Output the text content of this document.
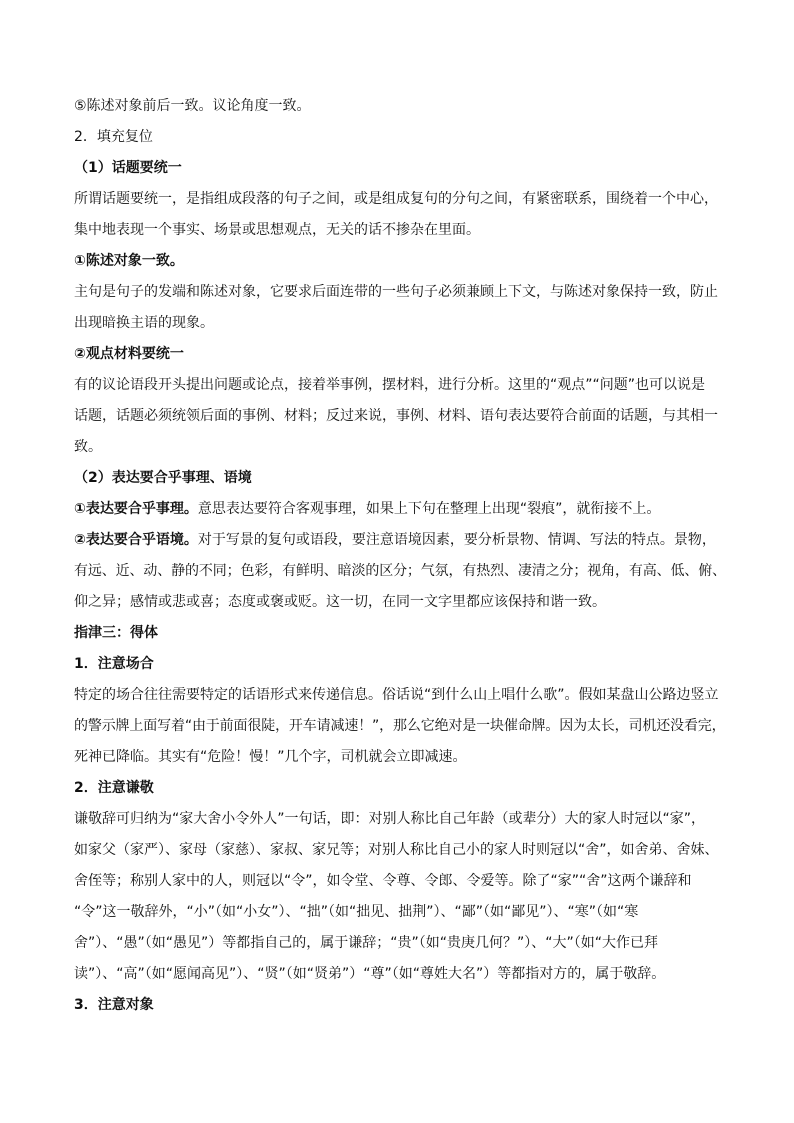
⑤陈述对象前后一致。议论角度一致。

2．填充复位

（1）话题要统一

所谓话题要统一，是指组成段落的句子之间，或是组成复句的分句之间，有紧密联系，围绕着一个中心，

集中地表现一个事实、场景或思想观点，无关的话不掺杂在里面。

①陈述对象一致。

主句是句子的发端和陈述对象，它要求后面连带的一些句子必须兼顾上下文，与陈述对象保持一致，防止

出现暗换主语的现象。

②观点材料要统一

有的议论语段开头提出问题或论点，接着举事例，摆材料，进行分析。这里的“观点”“问题”也可以说是

话题，话题必须统领后面的事例、材料；反过来说，事例、材料、语句表达要符合前面的话题，与其相一

致。

（2）表达要合乎事理、语境

①表达要合乎事理。意思表达要符合客观事理，如果上下句在整理上出现“裂痕”，就衔接不上。

②表达要合乎语境。对于写景的复句或语段，要注意语境因素，要分析景物、情调、写法的特点。景物，

有远、近、动、静的不同；色彩，有鲜明、暗淡的区分；气氛，有热烈、凄清之分；视角，有高、低、俯、

仰之异；感情或悲或喜；态度或褒或贬。这一切，在同一文字里都应该保持和谐一致。

指津三：得体

1．注意场合

特定的场合往往需要特定的话语形式来传递信息。俗话说“到什么山上唱什么歌”。假如某盘山公路边竖立

的警示牌上面写着“由于前面很陡，开车请减速！”，那么它绝对是一块催命牌。因为太长，司机还没看完，

死神已降临。其实有“危险！慢！”几个字，司机就会立即减速。

2．注意谦敬

谦敬辞可归纳为“家大舍小令外人”一句话，即：对别人称比自己年龄（或辈分）大的家人时冠以“家”，

如家父（家严）、家母（家慈）、家叔、家兄等；对别人称比自己小的家人时则冠以“舍”，如舍弟、舍妹、

舍侄等；称别人家中的人，则冠以“令”，如令堂、令尊、令郎、令爱等。除了“家”“舍”这两个谦辞和

“令”这一敬辞外，“小”（如“小女”）、“拙”（如“拙见、拙荆”）、“鄙”（如“鄙见”）、“寒”（如“寒

舍”）、“愚”（如“愚见”）等都指自己的，属于谦辞；“贵”（如“贵庚几何？”）、“大”（如“大作已拜

读”）、“高”（如“愿闻高见”）、“贤”（如“贤弟”）“尊”（如“尊姓大名”）等都指对方的，属于敬辞。

3．注意对象
